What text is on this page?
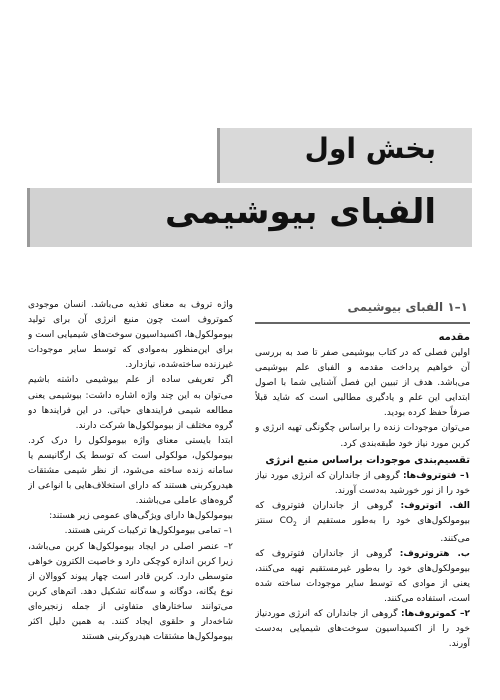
بخش اول
الفبای بیوشیمی
۱–۱ الفبای بیوشیمی

مقدمه

اولین فصلی که در کتاب بیوشیمی صفر تا صد به بررسی آن خواهیم پرداخت مقدمه و الفبای علم بیوشیمی می‌باشد. هدف از تبیین این فصل آشنایی شما با اصول ابتدایی این علم و یادگیری مطالبی است که شاید قبلاً صرفاً حفظ کرده بودید.

می‌توان موجودات زنده را براساس چگونگی تهیه انرژی و کربن مورد نیاز خود طبقه‌بندی کرد.

تقسیم‌بندی موجودات براساس منبع انرژی

۱– فتوتروف‌ها: گروهی از جانداران که انرژی مورد نیاز خود را از نور خورشید به‌دست آورند.

الف. اتوتروف: گروهی از جانداران فتوتروف که بیومولکول‌های خود را به‌طور مستقیم از $CO_2$ سنتز می‌کنند.

ب. هتروتروف: گروهی از جانداران فتوتروف که بیومولکول‌های خود را به‌طور غیرمستقیم تهیه می‌کنند، یعنی از موادی که توسط سایر موجودات ساخته شده است، استفاده می‌کنند.

۲– کموتروف‌ها: گروهی از جانداران که انرژی موردنیاز خود را از اکسیداسیون سوخت‌های شیمیایی به‌دست آورند.

واژه تروف به معنای تغذیه می‌باشد. انسان موجودی کموتروف است چون منبع انرژی آن برای تولید بیومولکول‌ها، اکسیداسیون سوخت‌های شیمیایی است و برای این‌منظور به‌موادی که توسط سایر موجودات غیرزنده ساخته‌شده، نیازدارد.

اگر تعریفی ساده از علم بیوشیمی داشته باشیم می‌توان به این چند واژه اشاره داشت: بیوشیمی یعنی مطالعه شیمی فرایندهای حیاتی. در این فرایندها دو گروه مختلف از بیومولکول‌ها شرکت دارند.

ابتدا بایستی معنای واژه بیومولکول را درک کرد. بیومولکول، مولکولی است که توسط یک ارگانیسم یا سامانه زنده ساخته می‌شود، از نظر شیمی مشتقات هیدروکربنی هستند که دارای استخلاف‌هایی با انواعی از گروه‌های عاملی می‌باشند.

بیومولکول‌ها دارای ویژگی‌های عمومی زیر هستند:

۱– تمامی بیومولکول‌ها ترکیبات کربنی هستند.

۲– عنصر اصلی در ایجاد بیومولکول‌ها کربن می‌باشد، زیرا کربن اندازه کوچکی دارد و خاصیت الکترون خواهی متوسطی دارد. کربن قادر است چهار پیوند کووالان از نوع یگانه، دوگانه و سه‌گانه تشکیل دهد. اتم‌های کربن می‌توانند ساختارهای متفاوتی از جمله زنجیره‌ای شاخه‌دار و حلقوی ایجاد کنند. به همین دلیل اکثر بیومولکول‌ها مشتقات هیدروکربنی هستند
